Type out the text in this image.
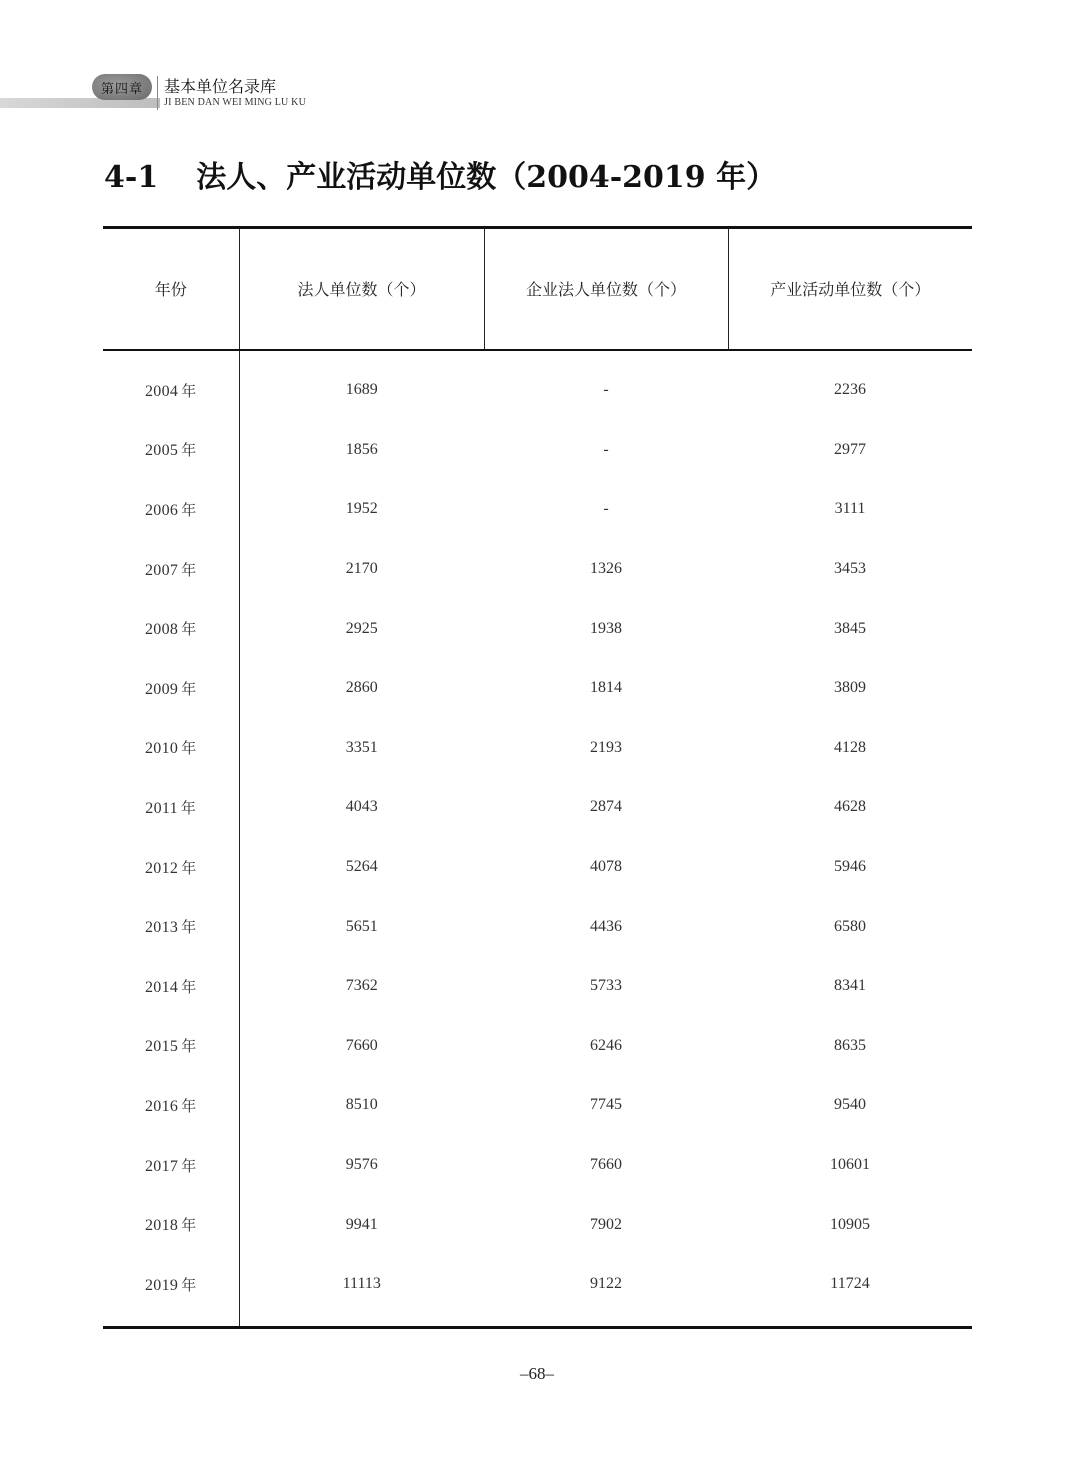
第四章 基本单位名录库
JI BEN DAN WEI MING LU KU
4-1 法人、产业活动单位数（2004-2019 年）
年份	法人单位数（个）	企业法人单位数（个）	产业活动单位数（个）
2004 年	1689	-	2236
2005 年	1856	-	2977
2006 年	1952	-	3111
2007 年	2170	1326	3453
2008 年	2925	1938	3845
2009 年	2860	1814	3809
2010 年	3351	2193	4128
2011 年	4043	2874	4628
2012 年	5264	4078	5946
2013 年	5651	4436	6580
2014 年	7362	5733	8341
2015 年	7660	6246	8635
2016 年	8510	7745	9540
2017 年	9576	7660	10601
2018 年	9941	7902	10905
2019 年	11113	9122	11724
–68–
